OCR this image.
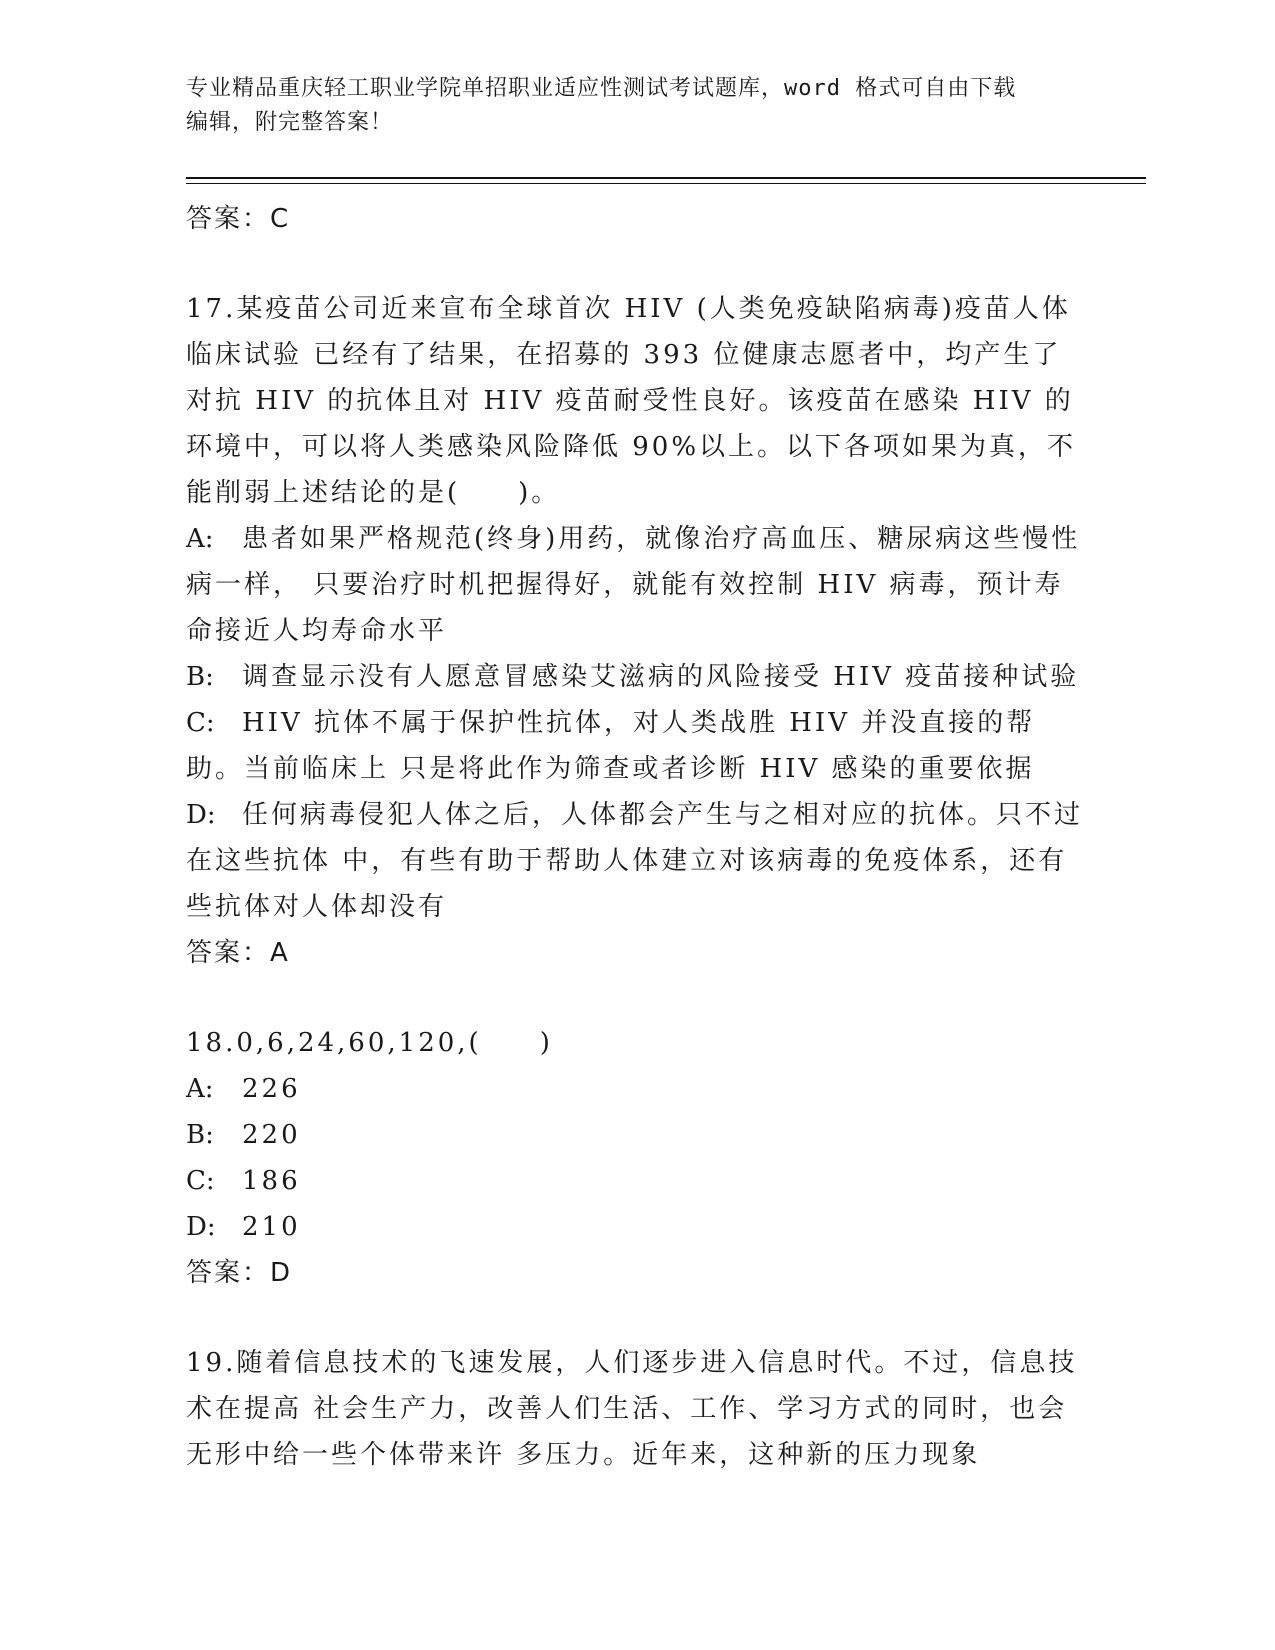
专业精品重庆轻工职业学院单招职业适应性测试考试题库，word 格式可自由下载
编辑，附完整答案！

答案：C

17.某疫苗公司近来宣布全球首次 HIV (人类免疫缺陷病毒)疫苗人体临床试验 已经有了结果，在招募的 393 位健康志愿者中，均产生了对抗 HIV 的抗体且对 HIV 疫苗耐受性良好。该疫苗在感染 HIV 的环境中，可以将人类感染风险降低 90%以上。以下各项如果为真，不能削弱上述结论的是(　　)。

A: 患者如果严格规范(终身)用药，就像治疗高血压、糖尿病这些慢性病一样， 只要治疗时机把握得好，就能有效控制 HIV 病毒，预计寿命接近人均寿命水平

B: 调查显示没有人愿意冒感染艾滋病的风险接受 HIV 疫苗接种试验

C: HIV 抗体不属于保护性抗体，对人类战胜 HIV 并没直接的帮助。当前临床上 只是将此作为筛查或者诊断 HIV 感染的重要依据

D: 任何病毒侵犯人体之后，人体都会产生与之相对应的抗体。只不过在这些抗体 中，有些有助于帮助人体建立对该病毒的免疫体系，还有些抗体对人体却没有

答案：A

18.0,6,24,60,120,(　　)

A: 226

B: 220

C: 186

D: 210

答案：D

19.随着信息技术的飞速发展，人们逐步进入信息时代。不过，信息技术在提高 社会生产力，改善人们生活、工作、学习方式的同时，也会无形中给一些个体带来许 多压力。近年来，这种新的压力现象
